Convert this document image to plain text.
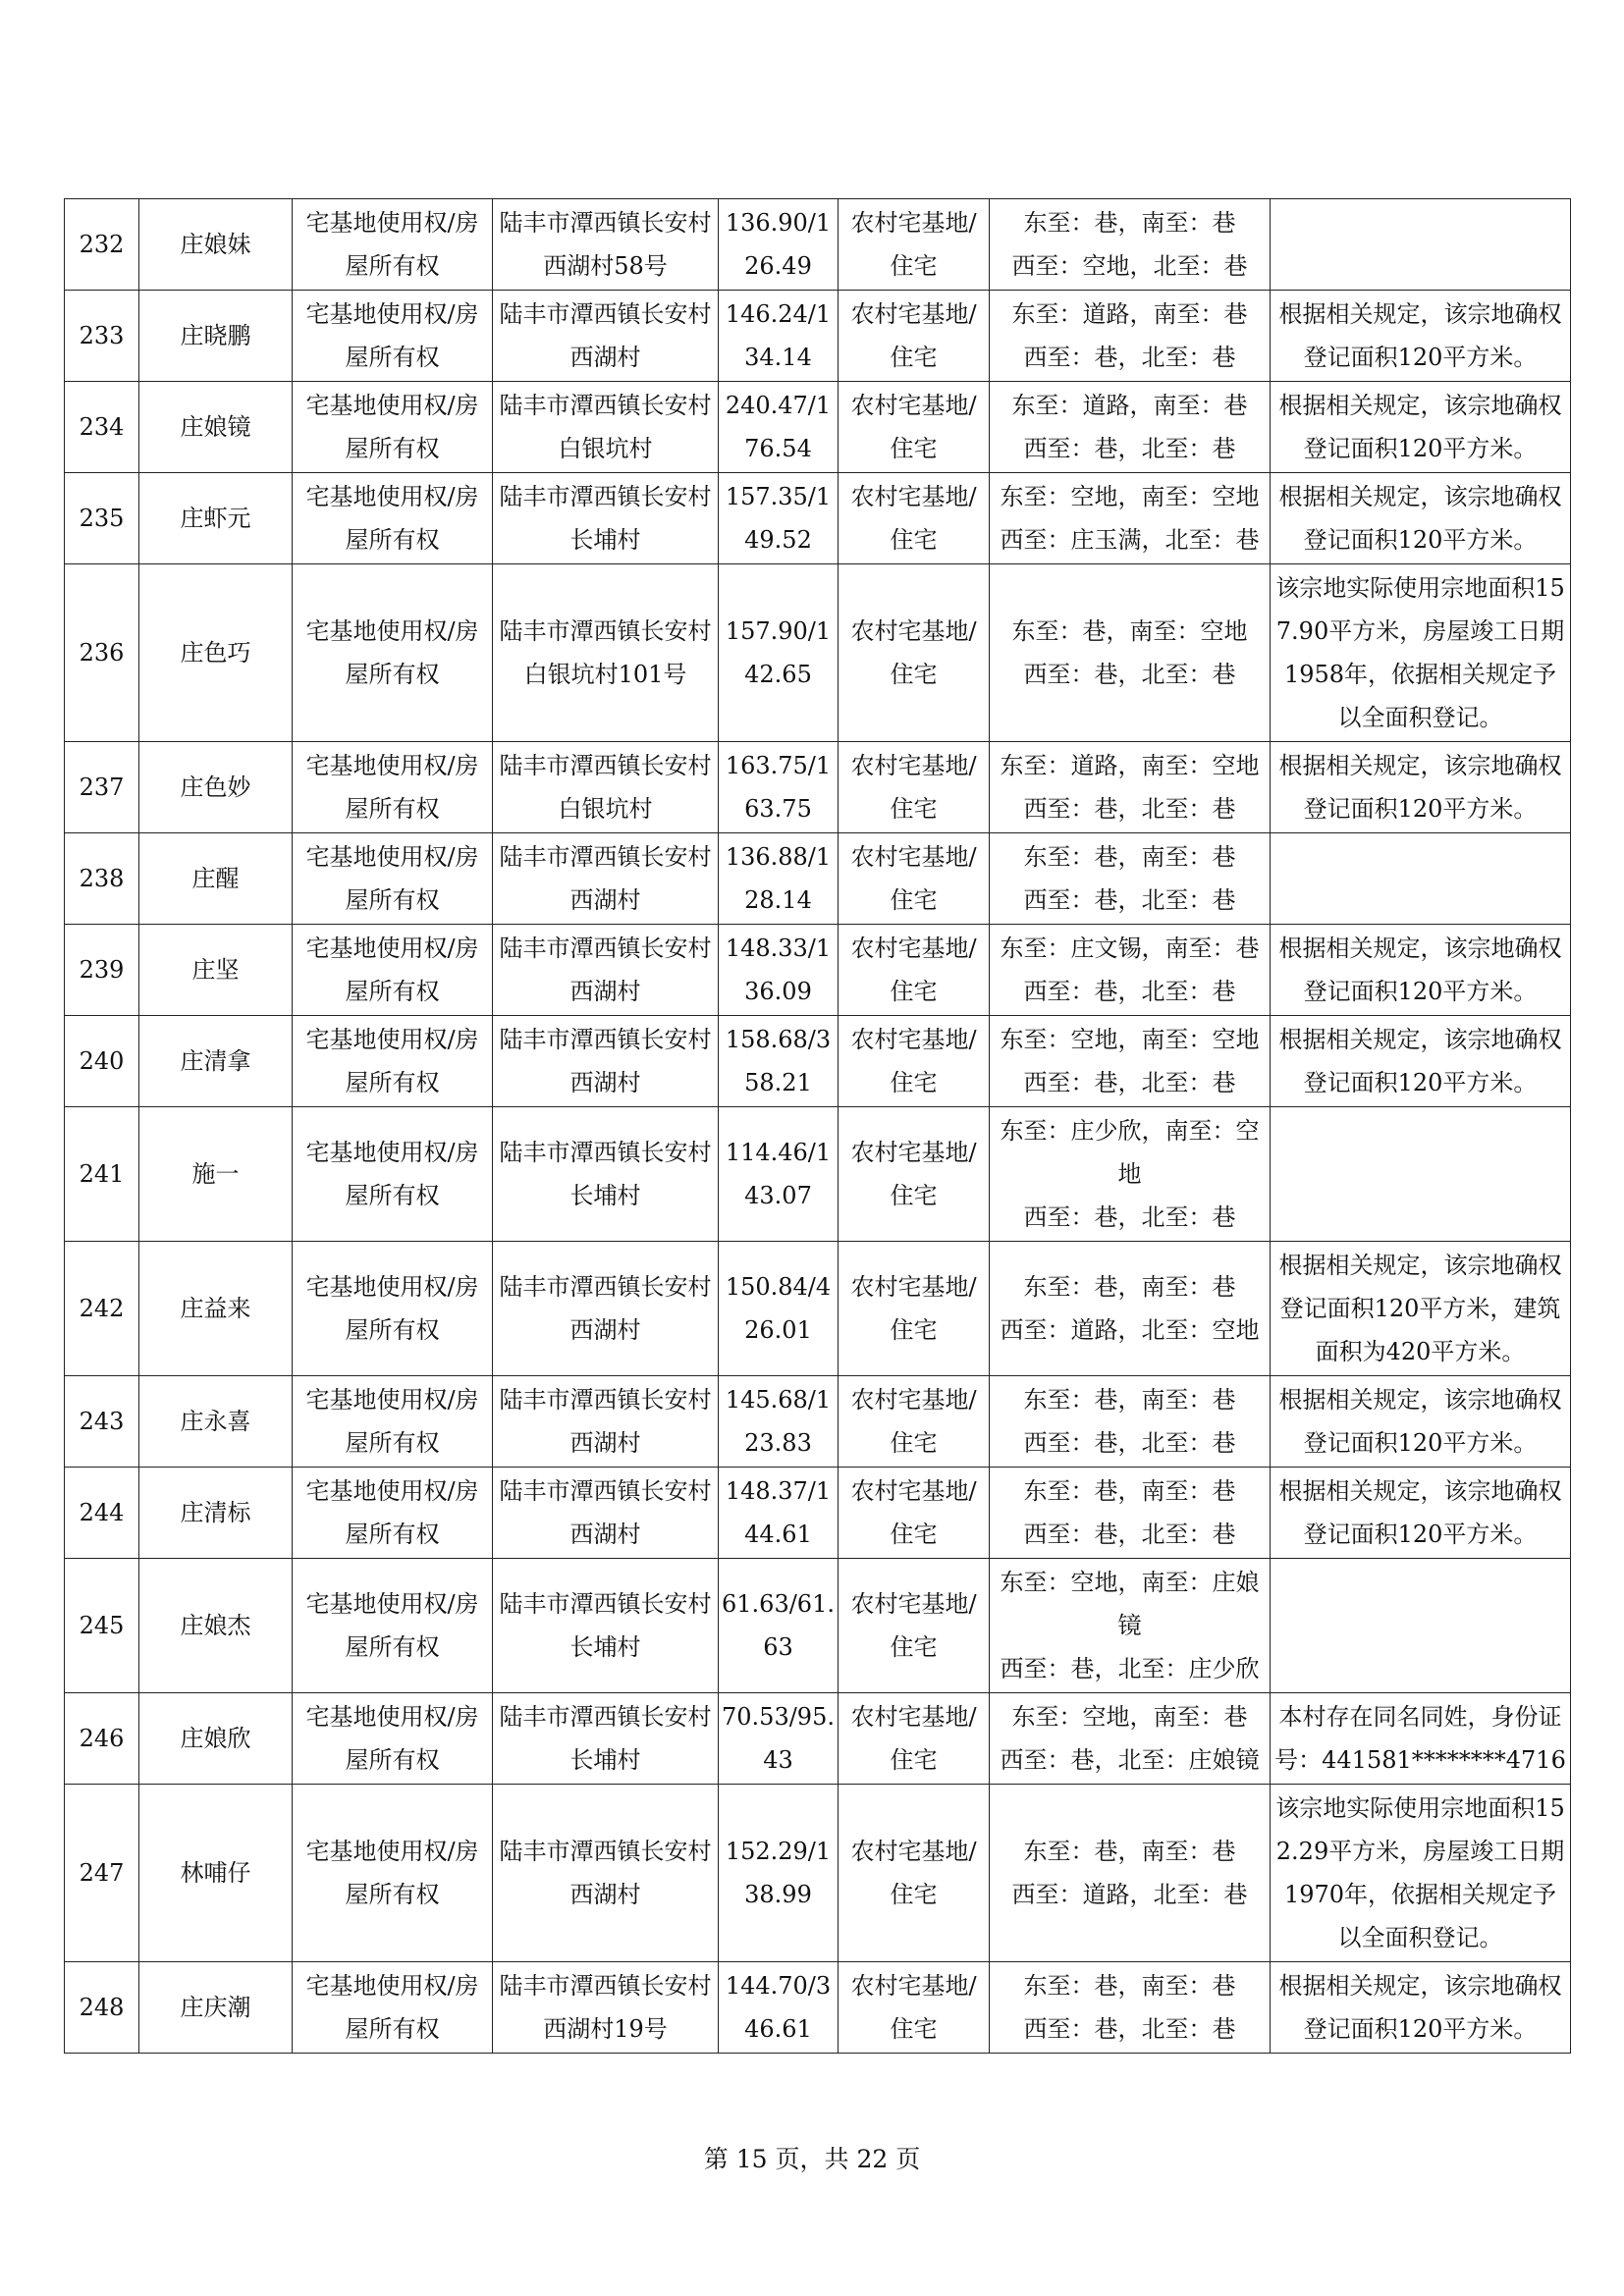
232	庄娘妹	宅基地使用权/房屋所有权	陆丰市潭西镇长安村西湖村58号	136.90/126.49	农村宅基地/住宅	东至：巷，南至：巷
西至：空地，北至：巷	

233	庄晓鹏	宅基地使用权/房屋所有权	陆丰市潭西镇长安村西湖村	146.24/134.14	农村宅基地/住宅	东至：道路，南至：巷
西至：巷，北至：巷	根据相关规定，该宗地确权登记面积120平方米。
234	庄娘镜	宅基地使用权/房屋所有权	陆丰市潭西镇长安村白银坑村	240.47/176.54	农村宅基地/住宅	东至：道路，南至：巷
西至：巷，北至：巷	根据相关规定，该宗地确权登记面积120平方米。
235	庄虾元	宅基地使用权/房屋所有权	陆丰市潭西镇长安村长埔村	157.35/149.52	农村宅基地/住宅	东至：空地，南至：空地
西至：庄玉满，北至：巷	根据相关规定，该宗地确权登记面积120平方米。
236	庄色巧	宅基地使用权/房屋所有权	陆丰市潭西镇长安村白银坑村101号	157.90/142.65	农村宅基地/住宅	东至：巷，南至：空地
西至：巷，北至：巷	该宗地实际使用宗地面积157.90平方米，房屋竣工日期1958年，依据相关规定予以全面积登记。
237	庄色妙	宅基地使用权/房屋所有权	陆丰市潭西镇长安村白银坑村	163.75/163.75	农村宅基地/住宅	东至：道路，南至：空地
西至：巷，北至：巷	根据相关规定，该宗地确权登记面积120平方米。
238	庄醒	宅基地使用权/房屋所有权	陆丰市潭西镇长安村西湖村	136.88/128.14	农村宅基地/住宅	东至：巷，南至：巷
西至：巷，北至：巷	

239	庄坚	宅基地使用权/房屋所有权	陆丰市潭西镇长安村西湖村	148.33/136.09	农村宅基地/住宅	东至：庄文锡，南至：巷
西至：巷，北至：巷	根据相关规定，该宗地确权登记面积120平方米。
240	庄清拿	宅基地使用权/房屋所有权	陆丰市潭西镇长安村西湖村	158.68/358.21	农村宅基地/住宅	东至：空地，南至：空地
西至：巷，北至：巷	根据相关规定，该宗地确权登记面积120平方米。
241	施一	宅基地使用权/房屋所有权	陆丰市潭西镇长安村长埔村	114.46/143.07	农村宅基地/住宅	东至：庄少欣，南至：空地
西至：巷，北至：巷	

242	庄益来	宅基地使用权/房屋所有权	陆丰市潭西镇长安村西湖村	150.84/426.01	农村宅基地/住宅	东至：巷，南至：巷
西至：道路，北至：空地	根据相关规定，该宗地确权登记面积120平方米，建筑面积为420平方米。
243	庄永喜	宅基地使用权/房屋所有权	陆丰市潭西镇长安村西湖村	145.68/123.83	农村宅基地/住宅	东至：巷，南至：巷
西至：巷，北至：巷	根据相关规定，该宗地确权登记面积120平方米。
244	庄清标	宅基地使用权/房屋所有权	陆丰市潭西镇长安村西湖村	148.37/144.61	农村宅基地/住宅	东至：巷，南至：巷
西至：巷，北至：巷	根据相关规定，该宗地确权登记面积120平方米。
245	庄娘杰	宅基地使用权/房屋所有权	陆丰市潭西镇长安村长埔村	61.63/61.63	农村宅基地/住宅	东至：空地，南至：庄娘镜
西至：巷，北至：庄少欣	

246	庄娘欣	宅基地使用权/房屋所有权	陆丰市潭西镇长安村长埔村	70.53/95.43	农村宅基地/住宅	东至：空地，南至：巷
西至：巷，北至：庄娘镜	本村存在同名同姓，身份证号：441581********4716
247	林哺仔	宅基地使用权/房屋所有权	陆丰市潭西镇长安村西湖村	152.29/138.99	农村宅基地/住宅	东至：巷，南至：巷
西至：道路，北至：巷	该宗地实际使用宗地面积152.29平方米，房屋竣工日期1970年，依据相关规定予以全面积登记。
248	庄庆潮	宅基地使用权/房屋所有权	陆丰市潭西镇长安村西湖村19号	144.70/346.61	农村宅基地/住宅	东至：巷，南至：巷
西至：巷，北至：巷	根据相关规定，该宗地确权登记面积120平方米。
第 15 页，共 22 页
